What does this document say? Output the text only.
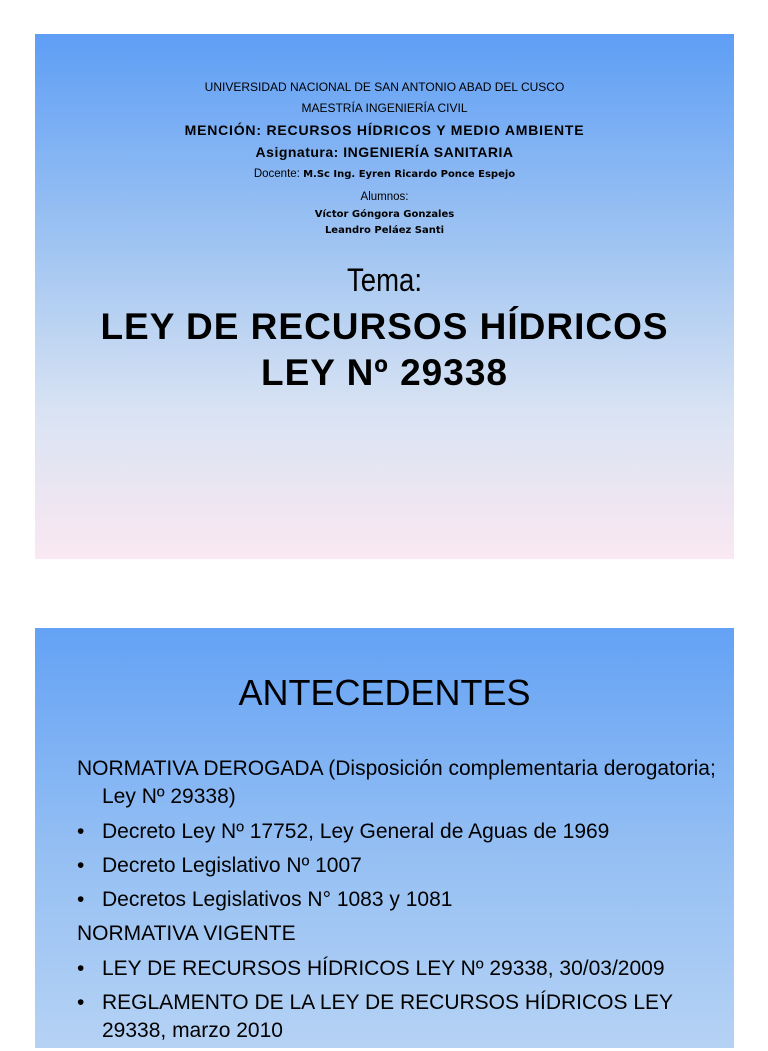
UNIVERSIDAD NACIONAL DE SAN ANTONIO ABAD DEL CUSCO
MAESTRÍA INGENIERÍA CIVIL
MENCIÓN: RECURSOS HÍDRICOS Y MEDIO AMBIENTE
Asignatura: INGENIERÍA SANITARIA
Docente: M.Sc Ing. Eyren Ricardo Ponce Espejo
Alumnos:
Víctor Góngora Gonzales
Leandro Peláez Santi
Tema:
LEY DE RECURSOS HÍDRICOS
LEY Nº 29338
ANTECEDENTES

NORMATIVA DEROGADA (Disposición complementaria derogatoria; Ley Nº 29338)

• Decreto Ley Nº 17752, Ley General de Aguas de 1969
• Decreto Legislativo Nº 1007
• Decretos Legislativos N° 1083 y 1081

NORMATIVA VIGENTE

• LEY DE RECURSOS HÍDRICOS LEY Nº 29338, 30/03/2009
• REGLAMENTO DE LA LEY DE RECURSOS HÍDRICOS LEY 29338, marzo 2010
